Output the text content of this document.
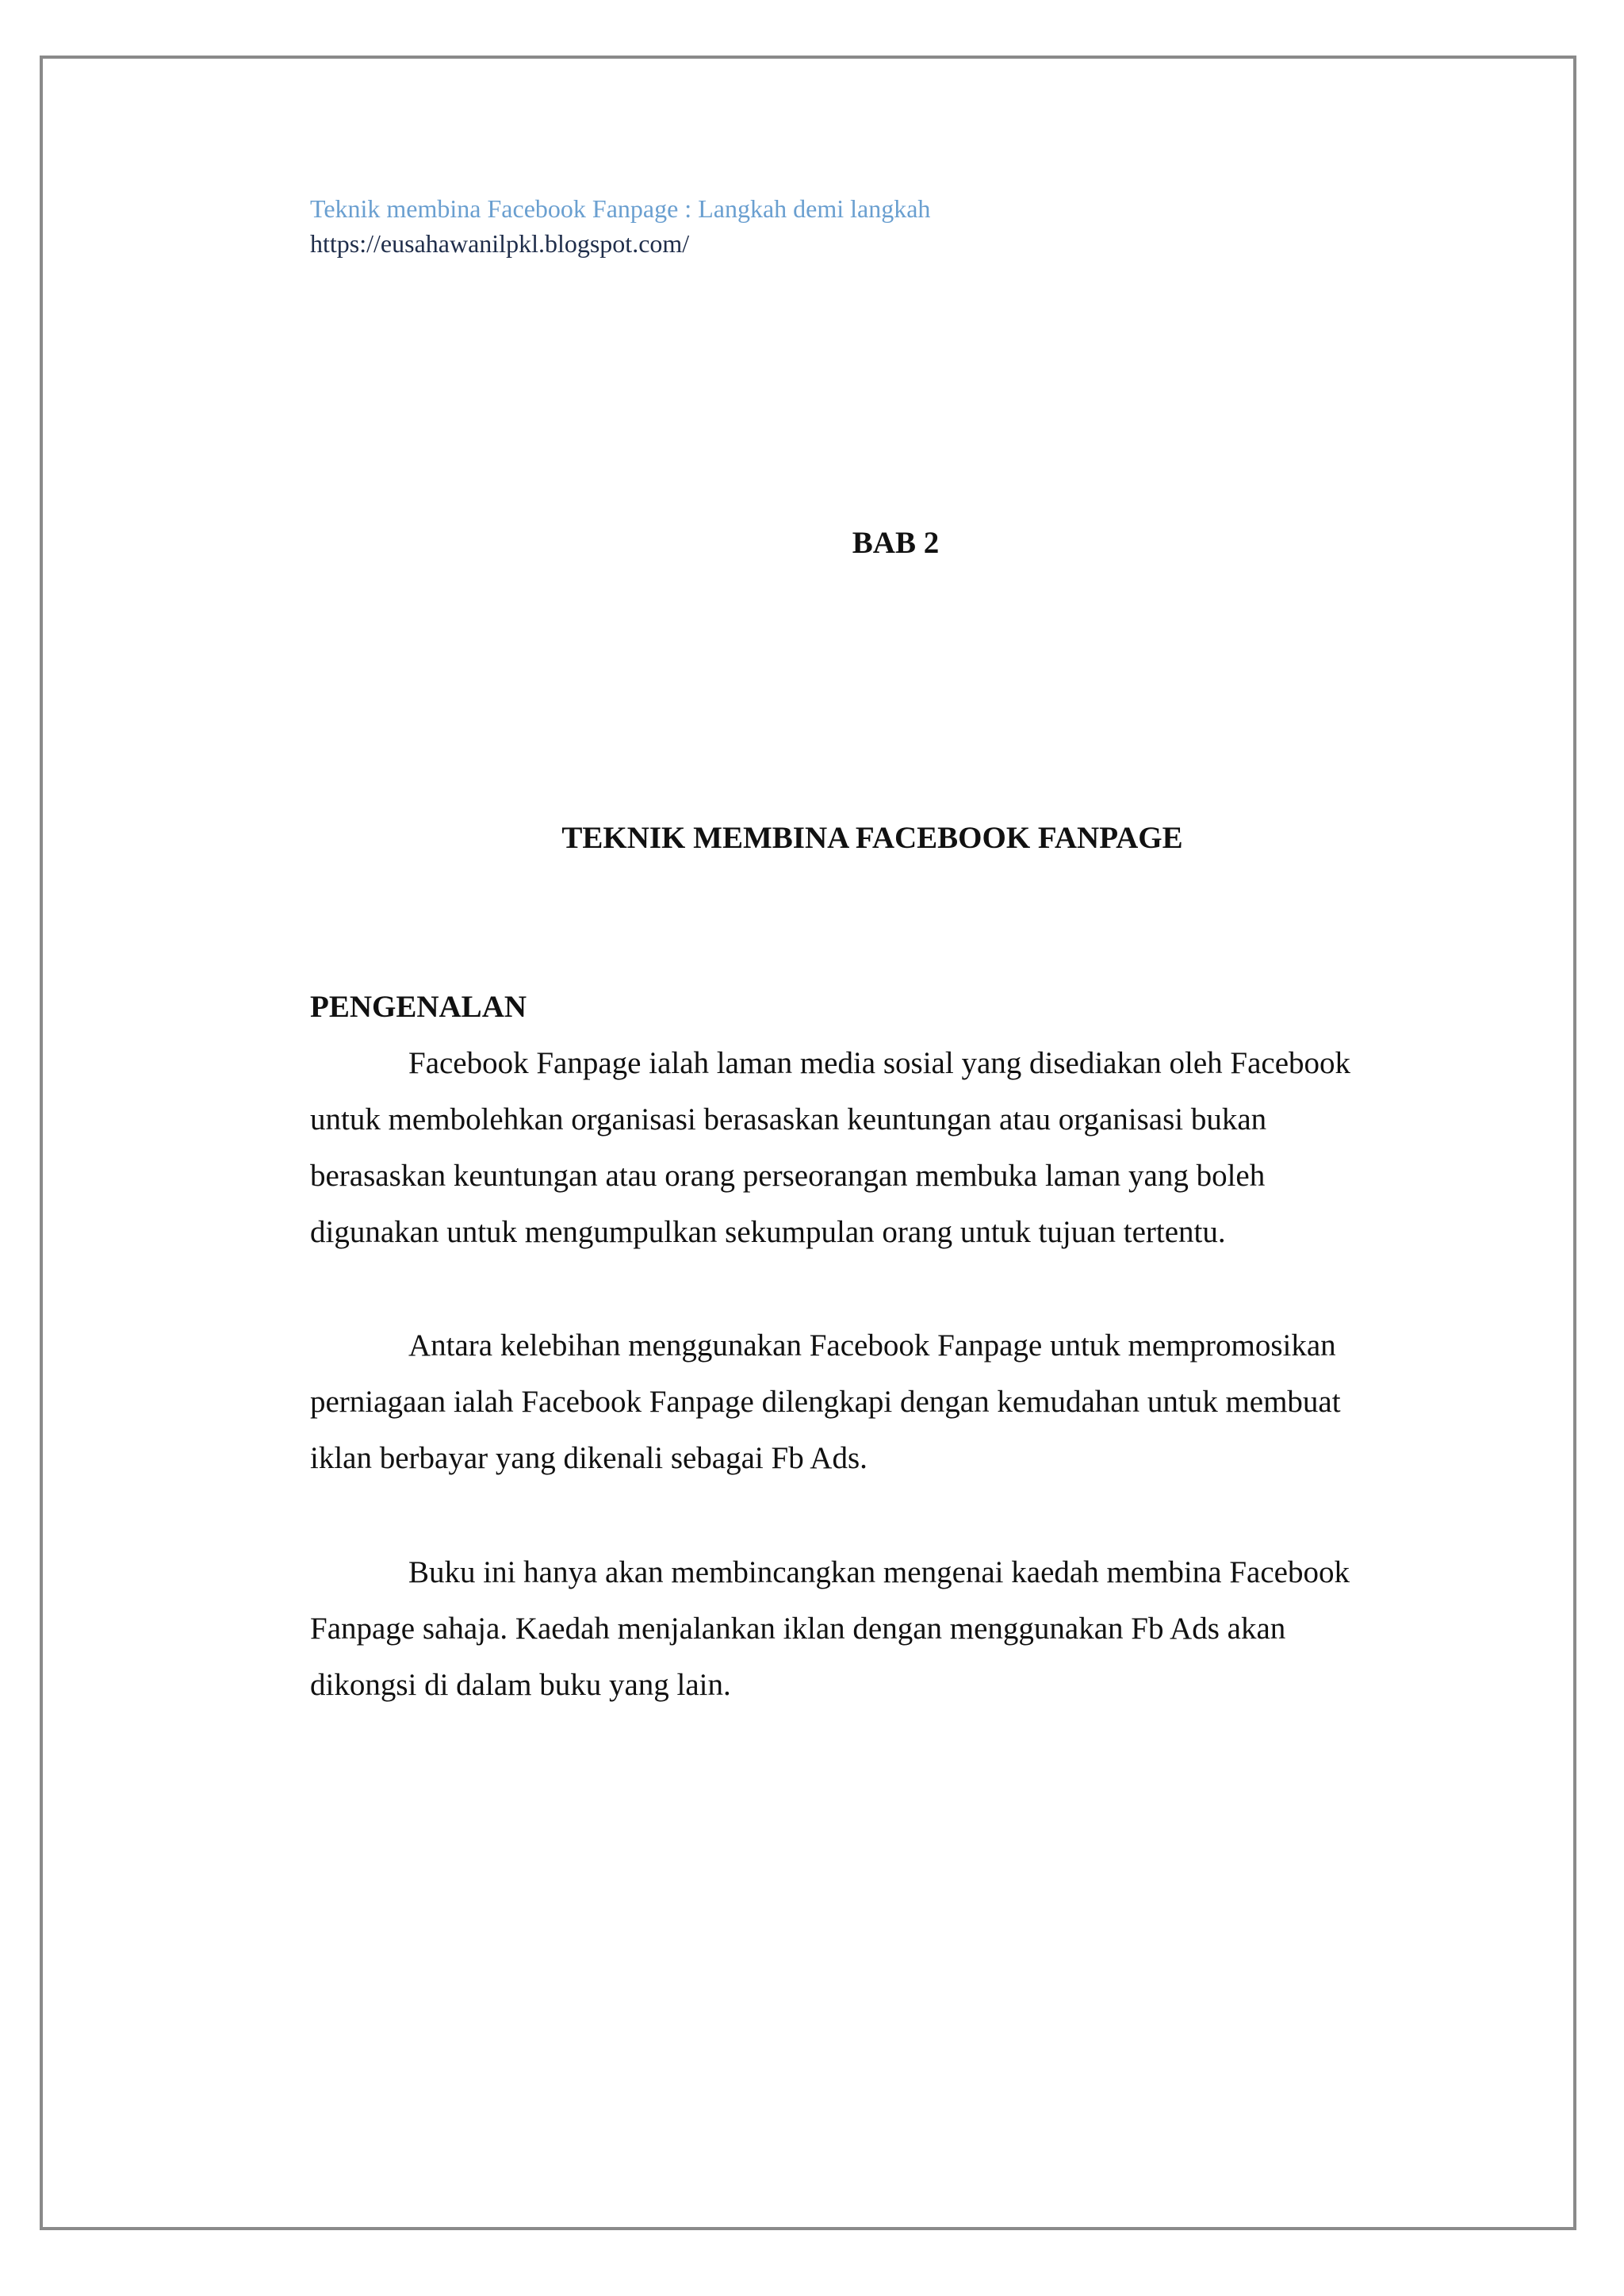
Teknik membina Facebook Fanpage : Langkah demi langkah
https://eusahawanilpkl.blogspot.com/
BAB 2
TEKNIK MEMBINA FACEBOOK FANPAGE
PENGENALAN
Facebook Fanpage ialah laman media sosial yang disediakan oleh Facebook
untuk membolehkan organisasi berasaskan keuntungan atau organisasi bukan
berasaskan keuntungan atau orang perseorangan membuka laman yang boleh
digunakan untuk mengumpulkan sekumpulan orang untuk tujuan tertentu.
Antara kelebihan menggunakan Facebook Fanpage untuk mempromosikan
perniagaan ialah Facebook Fanpage dilengkapi dengan kemudahan untuk membuat
iklan berbayar yang dikenali sebagai Fb Ads.
Buku ini hanya akan membincangkan mengenai kaedah membina Facebook
Fanpage sahaja. Kaedah menjalankan iklan dengan menggunakan Fb Ads akan
dikongsi di dalam buku yang lain.
